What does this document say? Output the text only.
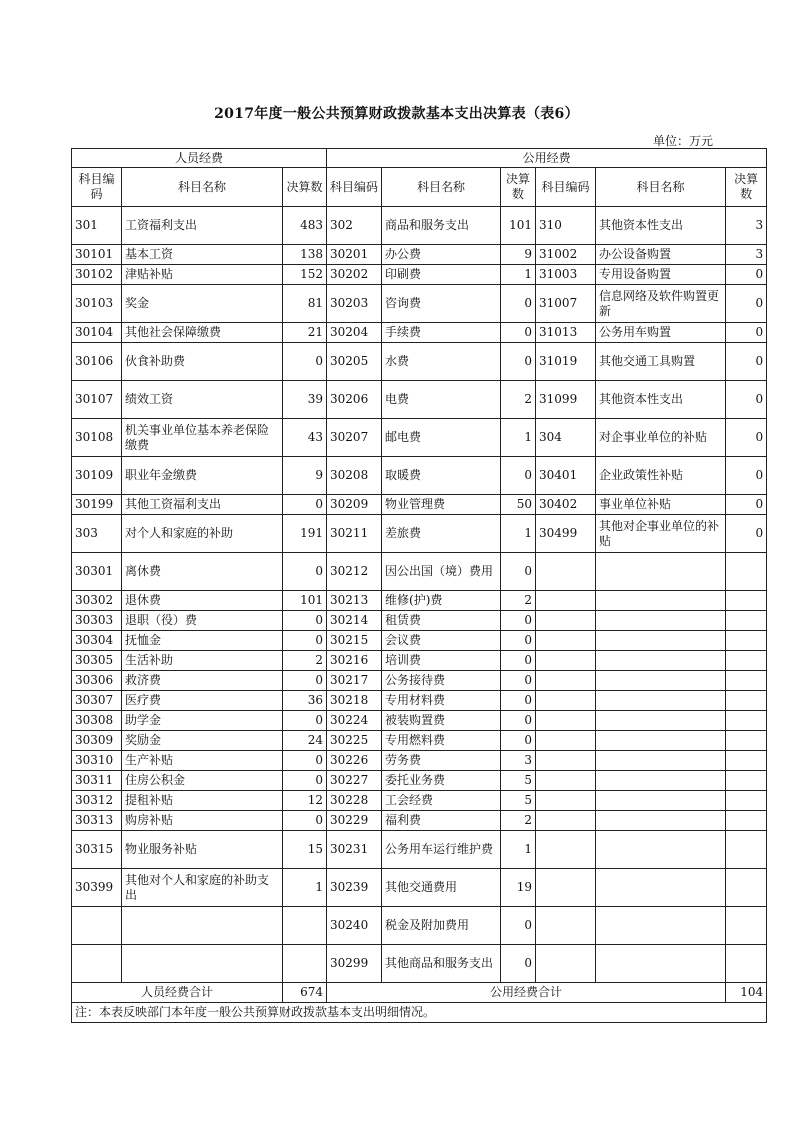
2017年度一般公共预算财政拨款基本支出决算表（表6）
单位：万元
人员经费			公用经费					
科目编码	科目名称	决算数	科目编码	科目名称	决算数	科目编码	科目名称	决算数
301	工资福利支出	483	302	商品和服务支出	101	310	其他资本性支出	3
30101	基本工资	138	30201	办公费	9	31002	办公设备购置	3
30102	津贴补贴	152	30202	印刷费	1	31003	专用设备购置	0
30103	奖金	81	30203	咨询费	0	31007	信息网络及软件购置更新	0
30104	其他社会保障缴费	21	30204	手续费	0	31013	公务用车购置	0
30106	伙食补助费	0	30205	水费	0	31019	其他交通工具购置	0
30107	绩效工资	39	30206	电费	2	31099	其他资本性支出	0
30108	机关事业单位基本养老保险缴费	43	30207	邮电费	1	304	对企事业单位的补贴	0
30109	职业年金缴费	9	30208	取暖费	0	30401	企业政策性补贴	0
30199	其他工资福利支出	0	30209	物业管理费	50	30402	事业单位补贴	0
303	对个人和家庭的补助	191	30211	差旅费	1	30499	其他对企事业单位的补贴	0
30301	离休费	0	30212	因公出国（境）费用	0			
30302	退休费	101	30213	维修(护)费	2			
30303	退职（役）费	0	30214	租赁费	0			
30304	抚恤金	0	30215	会议费	0			
30305	生活补助	2	30216	培训费	0			
30306	救济费	0	30217	公务接待费	0			
30307	医疗费	36	30218	专用材料费	0			
30308	助学金	0	30224	被装购置费	0			
30309	奖励金	24	30225	专用燃料费	0			
30310	生产补贴	0	30226	劳务费	3			
30311	住房公积金	0	30227	委托业务费	5			
30312	提租补贴	12	30228	工会经费	5			
30313	购房补贴	0	30229	福利费	2			
30315	物业服务补贴	15	30231	公务用车运行维护费	1			
30399	其他对个人和家庭的补助支出	1	30239	其他交通费用	19			
			30240	税金及附加费用	0			
			30299	其他商品和服务支出	0			
人员经费合计		674	公用经费合计					104
注：本表反映部门本年度一般公共预算财政拨款基本支出明细情况。								
